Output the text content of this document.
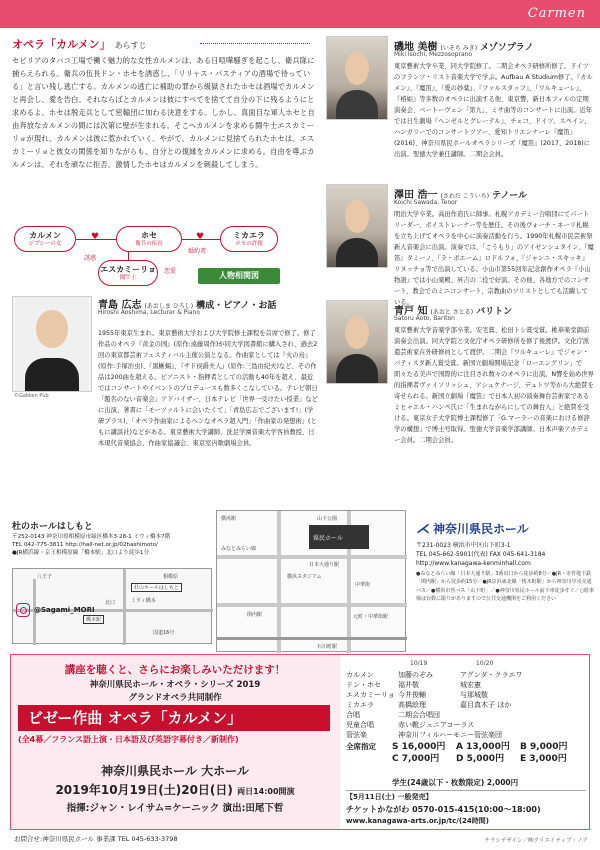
Carmen
オペラ「カルメン」 あらすじ
セビリアのタバコ工場で働く魅力的な女性カルメンは、ある日喧嘩騒ぎを起こし、衛兵隊に捕らえられる。衛兵の伍長ドン・ホセを誘惑し、「リリャス・パスティアの酒場で待っている」と言い残し逃亡する。カルメンの逃亡に補助の罪から級獄されたホセは酒場でカルメンと再会し、愛を告白。それならばとカルメンは彼にすべてを捨てて自分の下に残るようにと求めるよ、ホセは脱走兵として密輸団に加わる決意をする。しかし、真面目な軍人ホセと自由奔放なカルメンの間には次第に壁が生まれる。そこへカルメンを求める闘牛士エスカミーリョが現れ、カルメンは彼に惹かれていく。やがて、カルメンに見捨てられたホセは、エスカミーリョと彼女の関係を知りながらも、自分との復縁をカルメンに求める。自由を尊ぶカルメンは、それを頑なに拒否。激情したホセはカルメンを刺殺してしまう。
カルメン
ジプシーの女
ホセ
衛兵の伍長
ミカエラ
ホセの許嫁
エスカミーリョ
闘牛士
♥	♥
誘惑
婚約者
恋愛	人物相関図
磯地 美樹 (いそち みき) メゾソプラノ
Miki Isochi, Mezzosoprano
東京藝術大学卒業、同大学院修了。二期会オペラ研修所修了。ドイツのフランツ・リスト音楽大学で学ぶ。Aufbau A Studium修了。『カルメン』、『魔笛』、『愛の妙薬』、『ファルスタッフ』、『ワルキューレ』、『椿姫』等多数のオペラに出演する他、東京響、新日本フィルの定期演奏会、ベートーヴェン「第九」、ミサ曲等のコンサートに出演。近年では日生劇場『ヘンゼルとグレーテル』、チェコ、ドイツ、スペイン、ハンガリーでのコンサートツアー、愛知トリエンナーレ『魔笛』(2016)、神奈川県民ホールオペラシリーズ『魔笛』(2017、2018)に出演。聖徳大学兼任講師。二期会会員。
澤田 浩一 (さわだ こういち) テノール
Koichi Sawada, Tenor
明治大学卒業。高田作造氏に師事。札幌アカデミー合唱団にてパートリーダー、ボイストレーナー等を歴任。その後ヴォーチ・ネーリ札幌を立ち上げてオペラを中心に演奏活動を行う。1990年札幌市民芸術祭新人音楽会に出演。演奏では、「こうもり」のアイゼンシュタイン、『魔笛』タミーノ、『ラ・ボエーム』ロドルフォ、『ジャンニ・スキッキ』リヌッチョ等で出演している。小山市第55回年記念創作オペラ『小山物語』では小山楽殿、昇吉の二役で好演。その他、各地方でのコンサート、教会でのミニコンサート、宗教曲のソリストとしても活躍している。
青戸 知 (あおと さとる) バリトン
Satoru Aoto, Bariton
東京藝術大学音楽学部卒業。安宅賞、松田トシ賞受賞。桃華楽堂御前演奏会出演。同大学院と文化庁オペラ研修所を修了後渡伊。文化庁派遣芸術家在外研修員として渡伊。二期会『ワルキューレ』でジャン・バティスタ新人賞受賞。新国立劇場開場記念「ローエングリン」で朗々たる美声で国際的に注目され数々のオペラに出演。N響を始め世界的指揮者ヴァイソリッシュ、アシュケナージ、デュトワ等から大絶賛を寄せられる。新国立劇場『魔笛』で日本人初の演奏舞台芸術家であるミヒャエル・ハンペ氏に「生まれながらにしての舞台人」と絶賛を受ける。東京女子大学院博士課程修了「G.マーラーの音楽における修辞学の構想」で博士号取得。聖徳大学音楽学部講師。日本声楽アカデミー会員。二期会会員。
©Gakken Pub
青島 広志 (あおしま ひろし) 構成・ピアノ・お話
Hiroshi Aoshima, Lecturer & Piano
1955年東京生まれ。東京藝術大学および大学院修士課程を首席で修了。修了作品のオペラ『黄金の国』(原作:遠藤周作)が同大学図書館に購入され、過去2回の東京都芸術フェスティバル主催公演となる。作曲家としては『火の鳥』(原作:手塚治虫)、『黒蜥蜴』、『サド侯爵夫人』(原作:三島由紀夫)など、その作品は200曲を超える。ピアニスト・指揮者としての活動も40年を超え、最近ではコンサートやイベントのプロデュースも数多くこなしている。テレビ朝日「題名のない音楽会」アドバイザー、日本テレビ「世界一受けたい授業」などに出演、著書に「モーツァルトに会いたくて」「青島広志でございます!」(学研プラス)、「オペラ作曲家によるヘンなオペラ超入門」「作曲家の発想術」(ともに講談社)などがある。東京藝術大学講師、洗足学園音楽大学客員教授、日本現代音楽協会、作曲家協議会、東京室内歌劇場会員。
杜のホールはしもと
〒252-0143 神奈川県相模原市緑区橋本3-28-1 ミウィ橋本7階
TEL 042-775-3811 http://hall-net.or.jp/02hashimoto/
●JR横浜線・京王相模原線「橋本駅」北口より徒歩1分
八王子	相模原
杜のホールはしもと
橋本駅
ミウィ橋本
北口
国道16号
@Sagami_MORI
山下公園
県民ホール
横浜スタジアム
日本大通り駅
関内駅
中華街
石川町駅
元町・中華街駅
みなとみらい線
横浜駅
⋌ 神奈川県民ホール
〒231-0023 横浜市中区山下町3-1
TEL 045-662-5901(代表) FAX 045-641-3184
http://www.kanagawa-kenminhall.com
●みなとみらい線「日本大通り駅」3番出口から徒歩約8分／●JR・市営地下鉄「関内駅」から徒歩約15分／●JR京浜東北線「桜木町駅」から神奈川中央交通バス／●横浜市営バス「山下町」／●神奈川県民ホール前下車徒歩すぐ／○駐車場は台数に限りがありますので公共交通機関をご利用ください
講座を聴くと、さらにお楽しみいただけます！
神奈川県民ホール・オペラ・シリーズ 2019
グランドオペラ共同制作
ビゼー作曲 オペラ「カルメン」
(全4幕／フランス語上演・日本語及び英語字幕付き／新制作)
神奈川県民ホール 大ホール
2019年10月19日(土)20日(日) 両日14:00開演
指揮:ジャン・レイサム=ケーニック 演出:田尾下哲
10/19	10/20
カルメン	加藤のぞみ	アグンダ・クラエワ
ドン・ホセ	福井敬	城宏憲
エスカミーリョ 今井俊輔	与那城敬
ミカエラ	高橋絵理	嘉目真木子 ほか
合唱	二期会合唱団
児童合唱	赤い靴ジュニアコーラス
管弦楽	神奈川フィルハーモニー管弦楽団
全席指定 S 16,000円	A 13,000円	B 9,000円
C 7,000円	D 5,000円	E 3,000円
学生(24歳以下・枚数限定) 2,000円
【5月11日(土) 一般発売】
チケットかながわ 0570-015-415(10:00〜18:00)
www.kanagawa-arts.or.jp/tc/(24時間)
お問合せ:神奈川県民ホール 事業課 TEL 045-633-3798	チラシデザイン／㈱クリエイティブ・ノア
